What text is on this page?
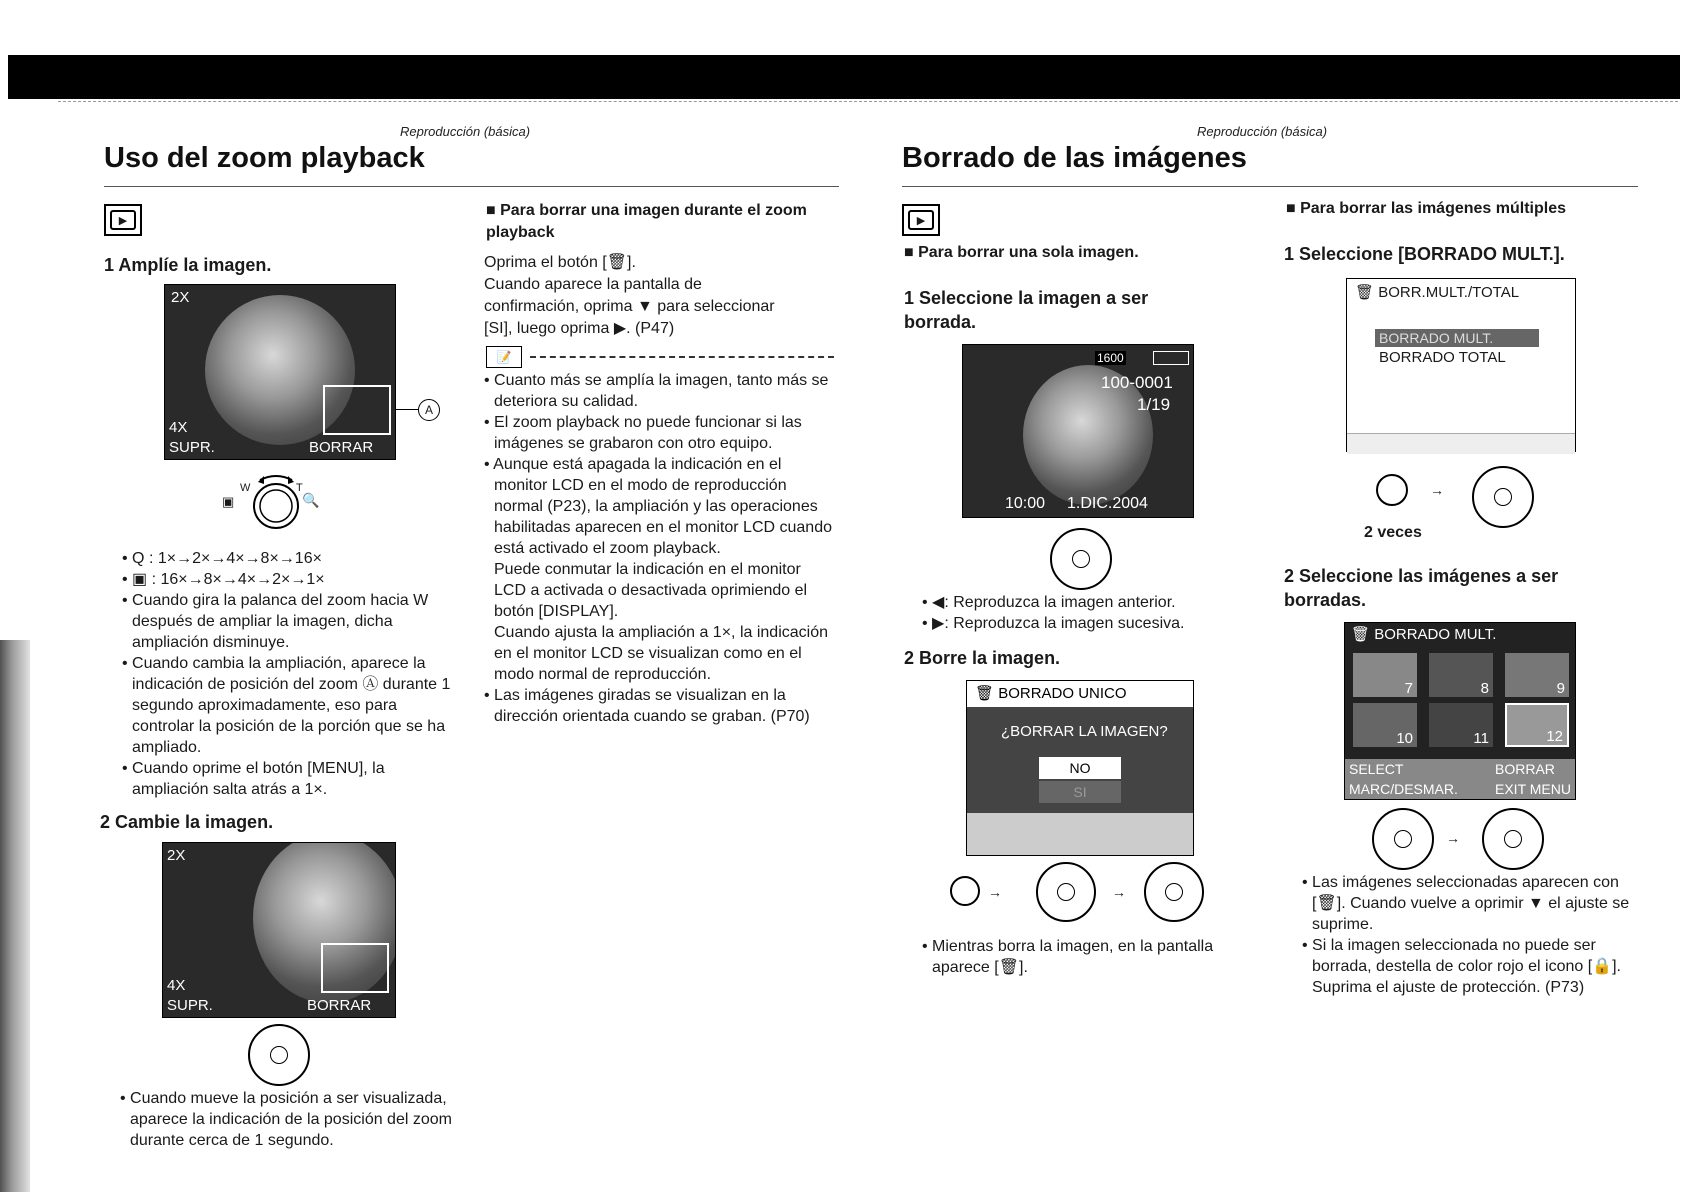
Reproducción (básica)
Uso del zoom playback
▶
1 Amplíe la imagen.
2X
4X
SUPR.	BORRAR
A
W	T
▣	🔍

• Q : 1×→2×→4×→8×→16×

• ▣ : 16×→8×→4×→2×→1×

• Cuando gira la palanca del zoom hacia W después de ampliar la imagen, dicha ampliación disminuye.

• Cuando cambia la ampliación, aparece la indicación de posición del zoom Ⓐ durante 1 segundo aproximadamente, eso para controlar la posición de la porción que se ha ampliado.

• Cuando oprime el botón [MENU], la ampliación salta atrás a 1×.

2 Cambie la imagen.
2X
4X
SUPR.	BORRAR

• Cuando mueve la posición a ser visualizada, aparece la indicación de la posición del zoom durante cerca de 1 segundo.

■ Para borrar una imagen durante el zoom playback
Oprima el botón [🗑].
Cuando aparece la pantalla de
confirmación, oprima ▼ para seleccionar
[SI], luego oprima ▶. (P47)
📝

• Cuanto más se amplía la imagen, tanto más se deteriora su calidad.

• El zoom playback no puede funcionar si las imágenes se grabaron con otro equipo.

• Aunque está apagada la indicación en el monitor LCD en el modo de reproducción normal (P23), la ampliación y las operaciones habilitadas aparecen en el monitor LCD cuando está activado el zoom playback.

Puede conmutar la indicación en el monitor LCD a activada o desactivada oprimiendo el botón [DISPLAY].

Cuando ajusta la ampliación a 1×, la indicación en el monitor LCD se visualizan como en el modo normal de reproducción.

• Las imágenes giradas se visualizan en la dirección orientada cuando se graban. (P70)

Reproducción (básica)
Borrado de las imágenes
▶
■ Para borrar una sola imagen.
1 Seleccione la imagen a ser borrada.
1600
100-0001
1/19
10:00 1.DIC.2004

• ◀: Reproduzca la imagen anterior.

• ▶: Reproduzca la imagen sucesiva.

2 Borre la imagen.
🗑 BORRADO UNICO
¿BORRAR LA IMAGEN?
NO
SI
→	→

• Mientras borra la imagen, en la pantalla aparece [🗑].

■ Para borrar las imágenes múltiples
1 Seleccione [BORRADO MULT.].
🗑 BORR.MULT./TOTAL
BORRADO MULT.
BORRADO TOTAL
→
2 veces
2 Seleccione las imágenes a ser borradas.
🗑 BORRADO MULT.
7	8	9
10	11	12
SELECT	BORRAR
MARC/DESMAR.	EXIT MENU
→

• Las imágenes seleccionadas aparecen con [🗑]. Cuando vuelve a oprimir ▼ el ajuste se suprime.

• Si la imagen seleccionada no puede ser borrada, destella de color rojo el icono [🔒]. Suprima el ajuste de protección. (P73)
